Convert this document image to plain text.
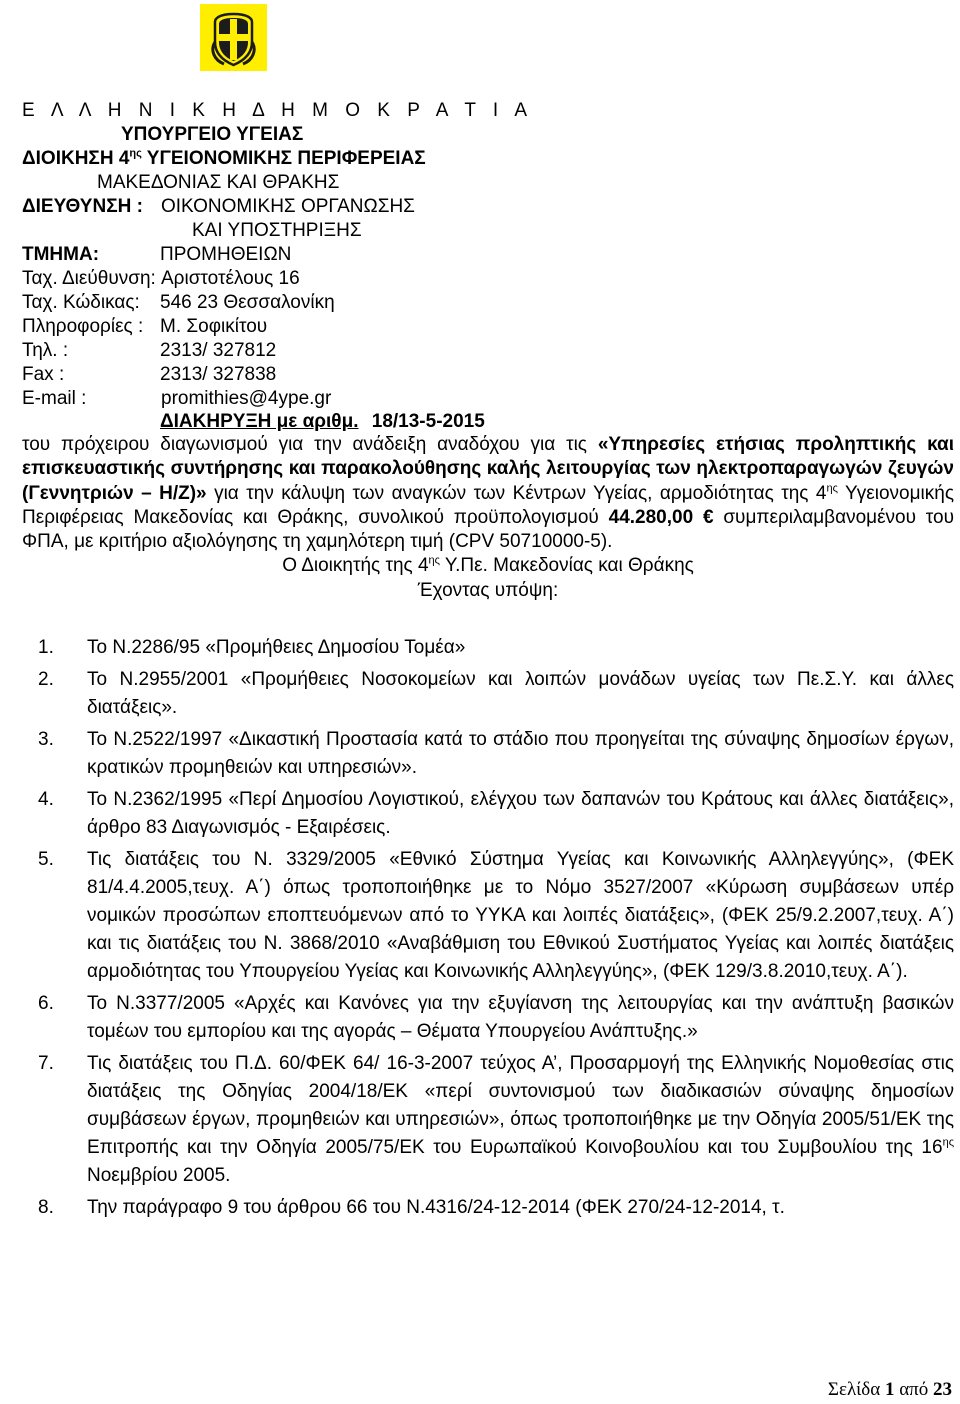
Ε Λ Λ Η Ν Ι Κ Η Δ Η Μ Ο Κ Ρ Α Τ Ι Α
ΥΠΟΥΡΓΕΙΟ ΥΓΕΙΑΣ
ΔΙΟΙΚΗΣΗ $4^{\eta\varsigma}$ ΥΓΕΙΟΝΟΜΙΚΗΣ ΠΕΡΙΦΕΡΕΙΑΣ
ΜΑΚΕΔΟΝΙΑΣ ΚΑΙ ΘΡΑΚΗΣ
ΔΙΕΥΘΥΝΣΗ : ΟΙΚΟΝΟΜΙΚΗΣ ΟΡΓΑΝΩΣΗΣ
ΚΑΙ ΥΠΟΣΤΗΡΙΞΗΣ
ΤΜΗΜΑ:	ΠΡΟΜΗΘΕΙΩΝ
Ταχ. Διεύθυνση: Αριστοτέλους 16
Ταχ. Κώδικας: 546 23 Θεσσαλονίκη
Πληροφορίες : Μ. Σοφικίτου
Τηλ. :	2313/ 327812
Fax :	2313/ 327838
E-mail :	promithies@4ype.gr
ΔΙΑΚΗΡΥΞΗ με αριθμ. 18/13-5-2015

του πρόχειρου διαγωνισμού για την ανάδειξη αναδόχου για τις «Υπηρεσίες ετήσιας προληπτικής και επισκευαστικής συντήρησης και παρακολούθησης καλής λειτουργίας των ηλεκτροπαραγωγών ζευγών (Γεννητριών – Η/Ζ)» για την κάλυψη των αναγκών των Κέντρων Υγείας, αρμοδιότητας της $4^{\eta\varsigma}$ Υγειονομικής Περιφέρειας Μακεδονίας και Θράκης, συνολικού προϋπολογισμού 44.280,00 € συμπεριλαμβανομένου του ΦΠΑ, με κριτήριο αξιολόγησης τη χαμηλότερη τιμή (CPV 50710000-5).

Ο Διοικητής της $4^{\eta\varsigma}$ Υ.Πε. Μακεδονίας και Θράκης

Έχοντας υπόψη:

1. Το Ν.2286/95 «Προμήθειες Δημοσίου Τομέα»
2. Το Ν.2955/2001 «Προμήθειες Νοσοκομείων και λοιπών μονάδων υγείας των Πε.Σ.Υ. και άλλες διατάξεις».
3. Το Ν.2522/1997 «Δικαστική Προστασία κατά το στάδιο που προηγείται της σύναψης δημοσίων έργων, κρατικών προμηθειών και υπηρεσιών».
4. Το Ν.2362/1995 «Περί Δημοσίου Λογιστικού, ελέγχου των δαπανών του Κράτους και άλλες διατάξεις», άρθρο 83 Διαγωνισμός - Εξαιρέσεις.
5. Τις διατάξεις του Ν. 3329/2005 «Εθνικό Σύστημα Υγείας και Κοινωνικής Αλληλεγγύης», (ΦΕΚ 81/4.4.2005,τευχ. Α΄) όπως τροποποιήθηκε με το Νόμο 3527/2007 «Κύρωση συμβάσεων υπέρ νομικών προσώπων εποπτευόμενων από το ΥΥΚΑ και λοιπές διατάξεις», (ΦΕΚ 25/9.2.2007,τευχ. Α΄) και τις διατάξεις του Ν. 3868/2010 «Αναβάθμιση του Εθνικού Συστήματος Υγείας και λοιπές διατάξεις αρμοδιότητας του Υπουργείου Υγείας και Κοινωνικής Αλληλεγγύης», (ΦΕΚ 129/3.8.2010,τευχ. Α΄).
6. Το Ν.3377/2005 «Αρχές και Κανόνες για την εξυγίανση της λειτουργίας και την ανάπτυξη βασικών τομέων του εμπορίου και της αγοράς – Θέματα Υπουργείου Ανάπτυξης.»
7. Τις διατάξεις του Π.Δ. 60/ΦΕΚ 64/ 16-3-2007 τεύχος Α’, Προσαρμογή της Ελληνικής Νομοθεσίας στις διατάξεις της Οδηγίας 2004/18/ΕΚ «περί συντονισμού των διαδικασιών σύναψης δημοσίων συμβάσεων έργων, προμηθειών και υπηρεσιών», όπως τροποποιήθηκε με την Οδηγία 2005/51/ΕΚ της Επιτροπής και την Οδηγία 2005/75/ΕΚ του Ευρωπαϊκού Κοινοβουλίου και του Συμβουλίου της $16^{\eta\varsigma}$ Νοεμβρίου 2005.
8. Την παράγραφο 9 του άρθρου 66 του Ν.4316/24-12-2014 (ΦΕΚ 270/24-12-2014, τ.
Σελίδα 1 από 23
